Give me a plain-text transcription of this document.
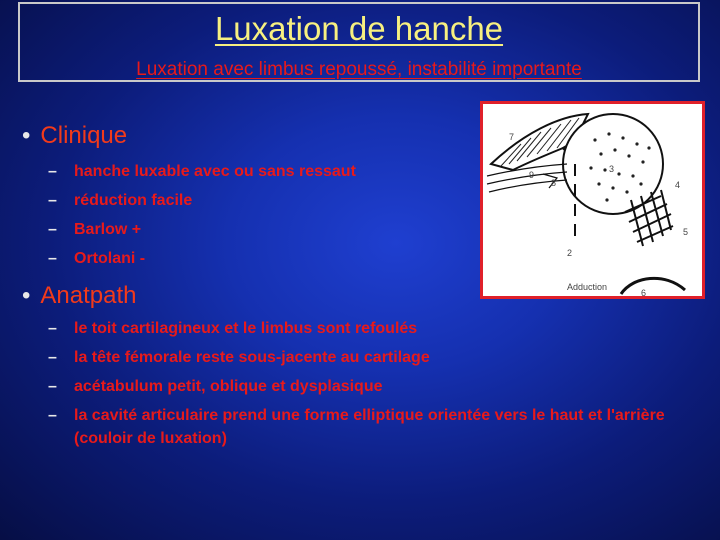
Luxation de hanche
Luxation avec limbus repoussé, instabilité importante
• Clinique
– hanche luxable avec ou sans ressaut
– réduction facile
– Barlow +
– Ortolani -
• Anatpath
– le toit cartilagineux et le limbus sont refoulés
– la tête fémorale reste sous-jacente au cartilage
– acétabulum petit, oblique et dysplasique
– la cavité articulaire prend une forme elliptique orientée vers le haut et l'arrière (couloir de luxation)
7
9
8
3
4
5
2
6
Adduction
